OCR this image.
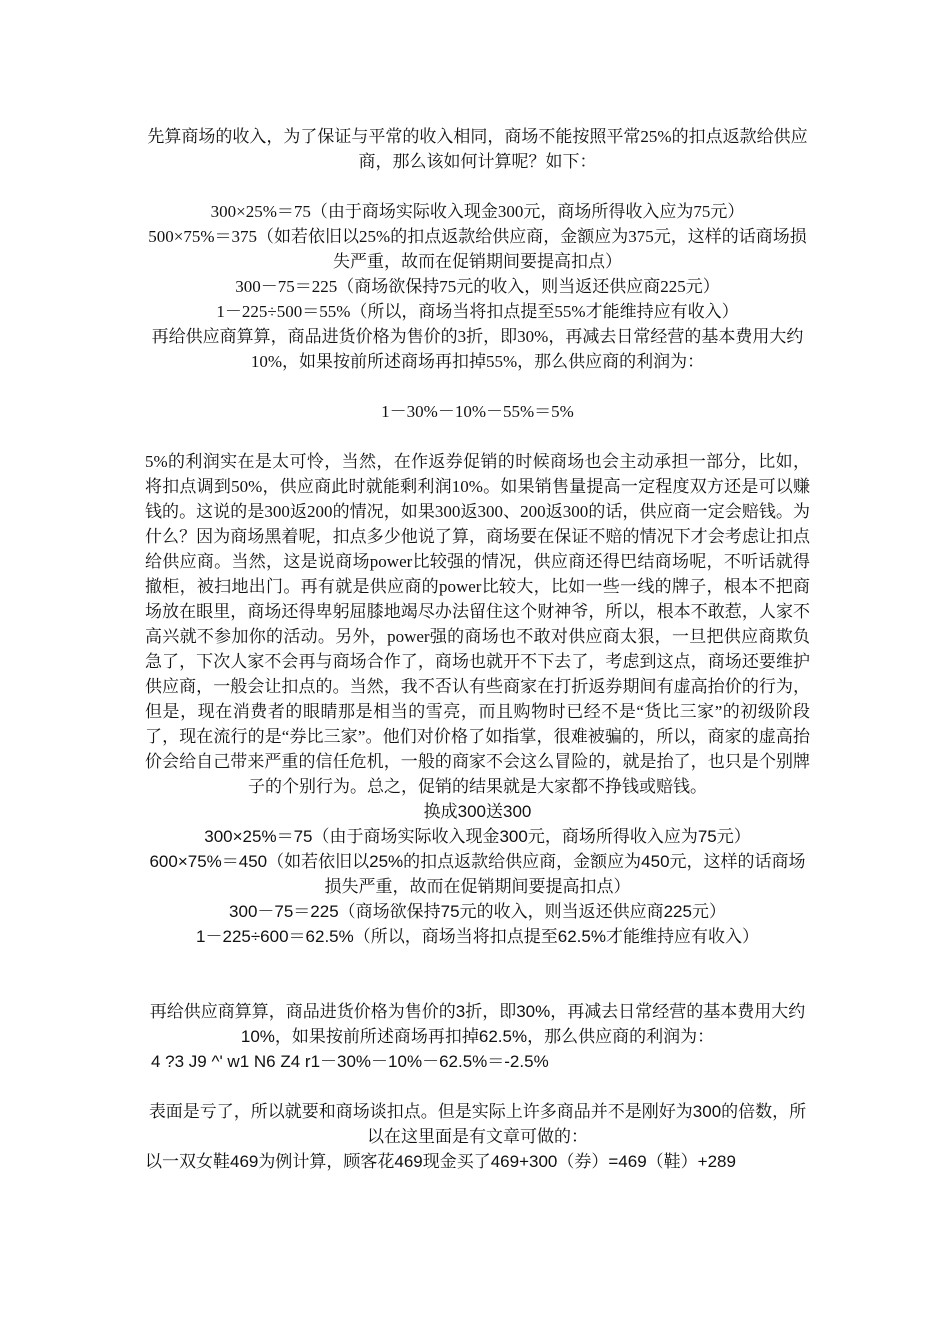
先算商场的收入，为了保证与平常的收入相同，商场不能按照平常25%的扣点返款给供应商，那么该如何计算呢？如下：
300×25%＝75（由于商场实际收入现金300元，商场所得收入应为75元）
500×75%＝375（如若依旧以25%的扣点返款给供应商，金额应为375元，这样的话商场损失严重，故而在促销期间要提高扣点）
300－75＝225（商场欲保持75元的收入，则当返还供应商225元）
1－225÷500＝55%（所以，商场当将扣点提至55%才能维持应有收入）
再给供应商算算，商品进货价格为售价的3折，即30%，再减去日常经营的基本费用大约10%，如果按前所述商场再扣掉55%，那么供应商的利润为：
1－30%－10%－55%＝5%
5%的利润实在是太可怜，当然，在作返券促销的时候商场也会主动承担一部分，比如，将扣点调到50%，供应商此时就能剩利润10%。如果销售量提高一定程度双方还是可以赚钱的。这说的是300返200的情况，如果300返300、200返300的话，供应商一定会赔钱。为什么？因为商场黑着呢，扣点多少他说了算，商场要在保证不赔的情况下才会考虑让扣点给供应商。当然，这是说商场power比较强的情况，供应商还得巴结商场呢，不听话就得撤柜，被扫地出门。再有就是供应商的power比较大，比如一些一线的牌子，根本不把商场放在眼里，商场还得卑躬屈膝地竭尽办法留住这个财神爷，所以，根本不敢惹，人家不高兴就不参加你的活动。另外，power强的商场也不敢对供应商太狠，一旦把供应商欺负急了，下次人家不会再与商场合作了，商场也就开不下去了，考虑到这点，商场还要维护供应商，一般会让扣点的。当然，我不否认有些商家在打折返券期间有虚高抬价的行为，但是，现在消费者的眼睛那是相当的雪亮，而且购物时已经不是“货比三家”的初级阶段了，现在流行的是“券比三家”。他们对价格了如指掌，很难被骗的，所以，商家的虚高抬价会给自己带来严重的信任危机，一般的商家不会这么冒险的，就是抬了，也只是个别牌子的个别行为。总之，促销的结果就是大家都不挣钱或赔钱。
换成300送300
300×25%＝75（由于商场实际收入现金300元，商场所得收入应为75元）
600×75%＝450（如若依旧以25%的扣点返款给供应商，金额应为450元，这样的话商场损失严重，故而在促销期间要提高扣点）
300－75＝225（商场欲保持75元的收入，则当返还供应商225元）
1－225÷600＝62.5%（所以，商场当将扣点提至62.5%才能维持应有收入）
再给供应商算算，商品进货价格为售价的3折，即30%，再减去日常经营的基本费用大约10%，如果按前所述商场再扣掉62.5%，那么供应商的利润为：
4 ?3 J9 ^' w1 N6 Z4 r1－30%－10%－62.5%＝-2.5%
表面是亏了，所以就要和商场谈扣点。但是实际上许多商品并不是刚好为300的倍数，所以在这里面是有文章可做的：
以一双女鞋469为例计算，顾客花469现金买了469+300（券）=469（鞋）+289
